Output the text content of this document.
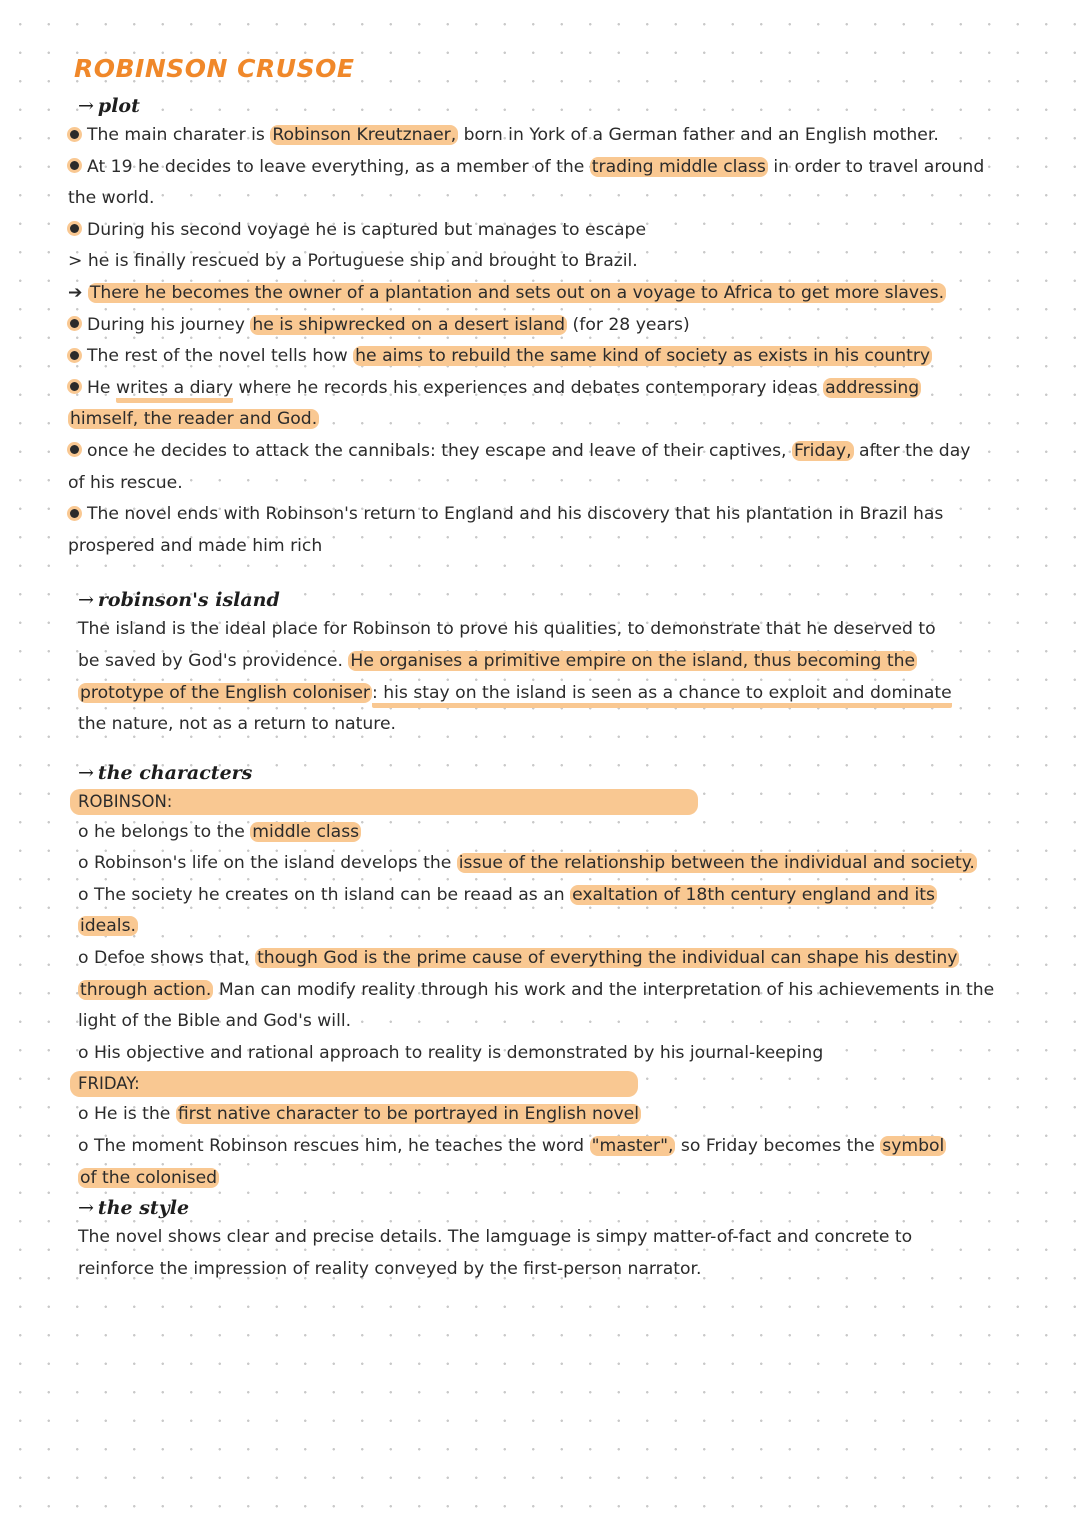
ROBINSON CRUSOE
→ plot
The main charater is Robinson Kreutznaer, born in York of a German father and an English mother.
At 19 he decides to leave everything, as a member of the trading middle class in order to travel around
the world.
During his second voyage he is captured but manages to escape
> he is finally rescued by a Portuguese ship and brought to Brazil.
➔ There he becomes the owner of a plantation and sets out on a voyage to Africa to get more slaves.
During his journey he is shipwrecked on a desert island (for 28 years)
The rest of the novel tells how he aims to rebuild the same kind of society as exists in his country
He writes a diary where he records his experiences and debates contemporary ideas addressing
himself, the reader and God.
once he decides to attack the cannibals: they escape and leave of their captives, Friday, after the day
of his rescue.
The novel ends with Robinson's return to England and his discovery that his plantation in Brazil has
prospered and made him rich
→ robinson's island
The island is the ideal place for Robinson to prove his qualities, to demonstrate that he deserved to
be saved by God's providence. He organises a primitive empire on the island, thus becoming the
prototype of the English coloniser : his stay on the island is seen as a chance to exploit and dominate
the nature, not as a return to nature.
→ the characters
ROBINSON:
o he belongs to the middle class
o Robinson's life on the island develops the issue of the relationship between the individual and society.
o The society he creates on th island can be reaad as an exaltation of 18th century england and its
ideals.
o Defoe shows that, though God is the prime cause of everything the individual can shape his destiny
through action. Man can modify reality through his work and the interpretation of his achievements in the
light of the Bible and God's will.
o His objective and rational approach to reality is demonstrated by his journal-keeping
FRIDAY:
o He is the first native character to be portrayed in English novel
o The moment Robinson rescues him, he teaches the word "master", so Friday becomes the symbol
of the colonised
→ the style
The novel shows clear and precise details. The lamguage is simpy matter-of-fact and concrete to
reinforce the impression of reality conveyed by the first-person narrator.
